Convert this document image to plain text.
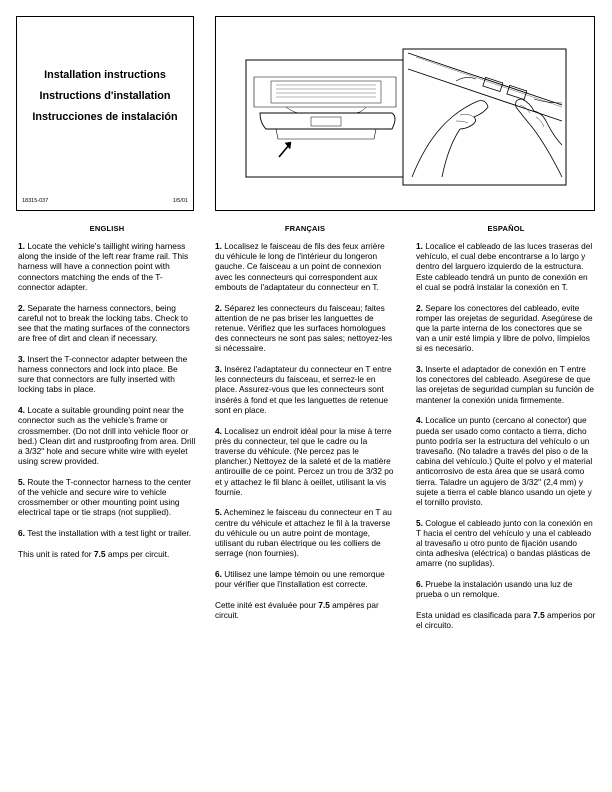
Installation instructions
Instructions d'installation
Instrucciones de instalación
18315-037	1/5/01
ENGLISH

1. Locate the vehicle's taillight wiring harness along the inside of the left rear frame rail. This harness will have a connection point with connectors matching the ends of the T-connector adapter.

2. Separate the harness connectors, being careful not to break the locking tabs. Check to see that the mating surfaces of the connectors are free of dirt and clean if necessary.

3. Insert the T-connector adapter between the harness connectors and lock into place. Be sure that connectors are fully inserted with locking tabs in place.

4. Locate a suitable grounding point near the connector such as the vehicle's frame or crossmember. (Do not drill into vehicle floor or bed.) Clean dirt and rustproofing from area. Drill a 3/32" hole and secure white wire with eyelet using screw provided.

5. Route the T-connector harness to the center of the vehicle and secure wire to vehicle crossmember or other mounting point using electrical tape or tie straps (not supplied).

6. Test the installation with a test light or trailer.

This unit is rated for 7.5 amps per circuit.

FRANÇAIS

1. Localisez le faisceau de fils des feux arrière du véhicule le long de l'intérieur du longeron gauche. Ce faisceau a un point de connexion avec les connecteurs qui correspondent aux embouts de l'adaptateur du connecteur en T.

2. Séparez les connecteurs du faisceau; faites attention de ne pas briser les languettes de retenue. Vérifiez que les surfaces homologues des connecteurs ne sont pas sales; nettoyez-les si nécessaire.

3. Insérez l'adaptateur du connecteur en T entre les connecteurs du faisceau, et serrez-le en place. Assurez-vous que les connecteurs sont insérés à fond et que les languettes de retenue sont en place.

4. Localisez un endroit idéal pour la mise à terre près du connecteur, tel que le cadre ou la traverse du véhicule. (Ne percez pas le plancher.) Nettoyez de la saleté et de la matière antirouille de ce point. Percez un trou de 3/32 po et y attachez le fil blanc à oeillet, utilisant la vis fournie.

5. Acheminez le faisceau du connecteur en T au centre du véhicule et attachez le fil à la traverse du véhicule ou un autre point de montage, utilisant du ruban électrique ou les colliers de serrage (non fournies).

6. Utilisez une lampe témoin ou une remorque pour vérifier que l'installation est correcte.

Cette inité est évaluée pour 7.5 ampères par circuit.

ESPAÑOL

1. Localice el cableado de las luces traseras del vehículo, el cual debe encontrarse a lo largo y dentro del larguero izquierdo de la estructura. Este cableado tendrá un punto de conexión en el cual se podrá instalar la conexión en T.

2. Separe los conectores del cableado, evite romper las orejetas de seguridad. Asegúrese de que la parte interna de los conectores que se van a unir esté limpia y libre de polvo, límpielos si es necesario.

3. Inserte el adaptador de conexión en T entre los conectores del cableado. Asegúrese de que las orejetas de seguridad cumplan su función de mantener la conexión unida firmemente.

4. Localice un punto (cercano al conector) que pueda ser usado como contacto a tierra, dicho punto podría ser la estructura del vehículo o un travesaño. (No taladre a través del piso o de la cabina del vehículo.) Quite el polvo y el material anticorrosivo de esta área que se usará como tierra. Taladre un agujero de 3/32" (2,4 mm) y sujete a tierra el cable blanco usando un ojete y el tornillo provisto.

5. Cologue el cableado junto con la conexión en T hacia el centro del vehículo y una el cableado al travesaño u otro punto de fijación usando cinta adhesiva (eléctrica) o bandas plásticas de amarre (no suplidas).

6. Pruebe la instalación usando una luz de prueba o un remolque.

Esta unidad es clasificada para 7.5 amperios por el circuito.
